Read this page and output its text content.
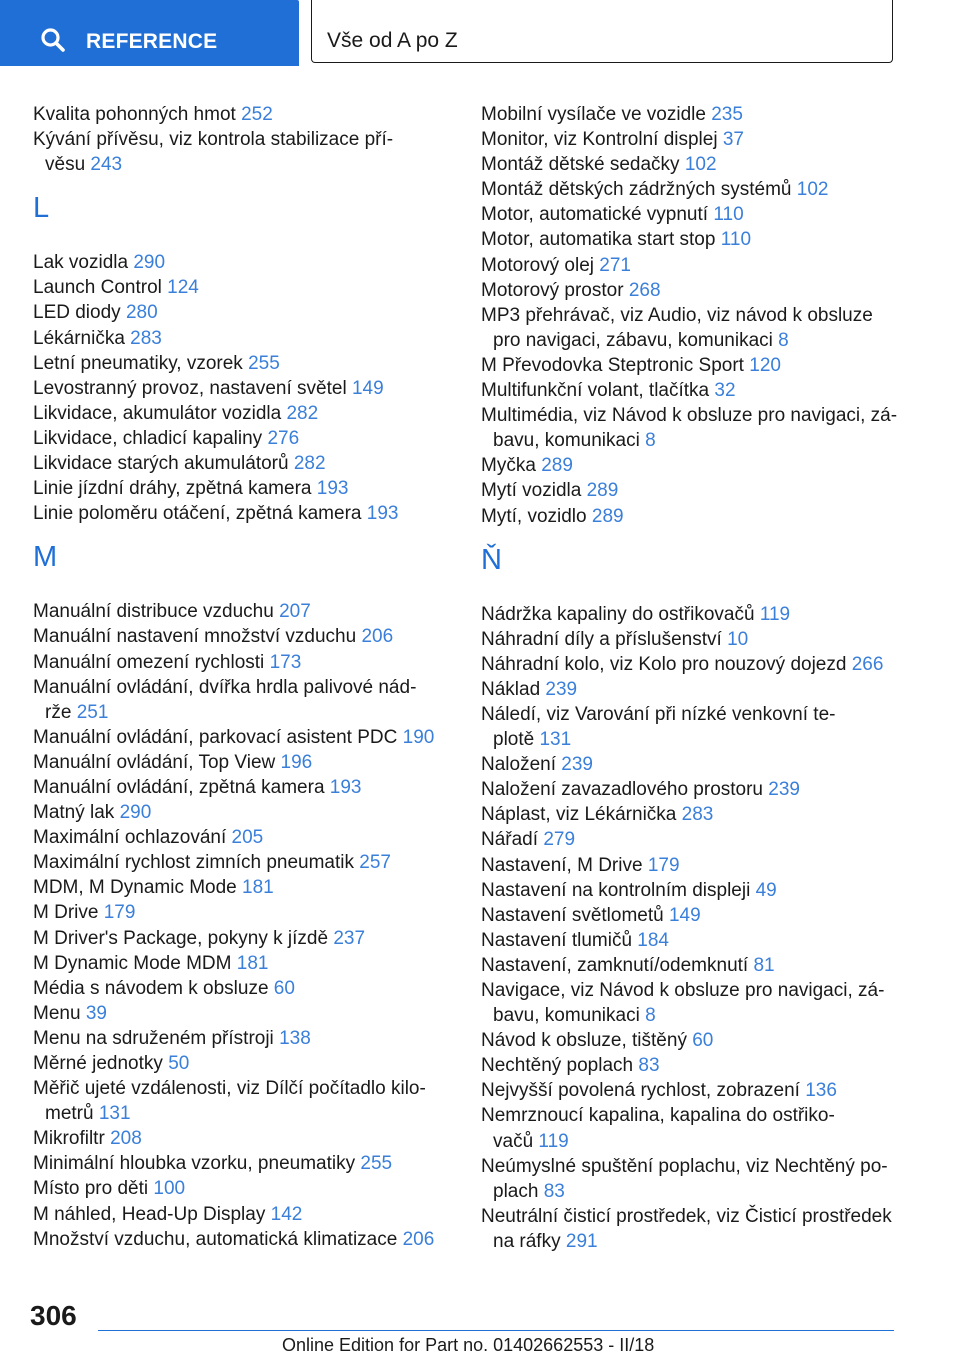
REFERENCE	Vše od A po Z
Kvalita pohonných hmot 252
Kývání přívěsu, viz kontrola stabilizace pří-
věsu 243
L
Lak vozidla 290
Launch Control 124
LED diody 280
Lékárnička 283
Letní pneumatiky, vzorek 255
Levostranný provoz, nastavení světel 149
Likvidace, akumulátor vozidla 282
Likvidace, chladicí kapaliny 276
Likvidace starých akumulátorů 282
Linie jízdní dráhy, zpětná kamera 193
Linie poloměru otáčení, zpětná kamera 193
M
Manuální distribuce vzduchu 207
Manuální nastavení množství vzduchu 206
Manuální omezení rychlosti 173
Manuální ovládání, dvířka hrdla palivové nád-
rže 251
Manuální ovládání, parkovací asistent PDC 190
Manuální ovládání, Top View 196
Manuální ovládání, zpětná kamera 193
Matný lak 290
Maximální ochlazování 205
Maximální rychlost zimních pneumatik 257
MDM, M Dynamic Mode 181
M Drive 179
M Driver's Package, pokyny k jízdě 237
M Dynamic Mode MDM 181
Média s návodem k obsluze 60
Menu 39
Menu na sdruženém přístroji 138
Měrné jednotky 50
Měřič ujeté vzdálenosti, viz Dílčí počítadlo kilo-
metrů 131
Mikrofiltr 208
Minimální hloubka vzorku, pneumatiky 255
Místo pro děti 100
M náhled, Head-Up Display 142
Množství vzduchu, automatická klimatizace 206
Mobilní vysílače ve vozidle 235
Monitor, viz Kontrolní displej 37
Montáž dětské sedačky 102
Montáž dětských zádržných systémů 102
Motor, automatické vypnutí 110
Motor, automatika start stop 110
Motorový olej 271
Motorový prostor 268
MP3 přehrávač, viz Audio, viz návod k obsluze
pro navigaci, zábavu, komunikaci 8
M Převodovka Steptronic Sport 120
Multifunkční volant, tlačítka 32
Multimédia, viz Návod k obsluze pro navigaci, zá-
bavu, komunikaci 8
Myčka 289
Mytí vozidla 289
Mytí, vozidlo 289
Ň
Nádržka kapaliny do ostřikovačů 119
Náhradní díly a příslušenství 10
Náhradní kolo, viz Kolo pro nouzový dojezd 266
Náklad 239
Náledí, viz Varování při nízké venkovní te-
plotě 131
Naložení 239
Naložení zavazadlového prostoru 239
Náplast, viz Lékárnička 283
Nářadí 279
Nastavení, M Drive 179
Nastavení na kontrolním displeji 49
Nastavení světlometů 149
Nastavení tlumičů 184
Nastavení, zamknutí/odemknutí 81
Navigace, viz Návod k obsluze pro navigaci, zá-
bavu, komunikaci 8
Návod k obsluze, tištěný 60
Nechtěný poplach 83
Nejvyšší povolená rychlost, zobrazení 136
Nemrznoucí kapalina, kapalina do ostřiko-
vačů 119
Neúmyslné spuštění poplachu, viz Nechtěný po-
plach 83
Neutrální čisticí prostředek, viz Čisticí prostředek
na ráfky 291
306
Online Edition for Part no. 01402662553 - II/18
